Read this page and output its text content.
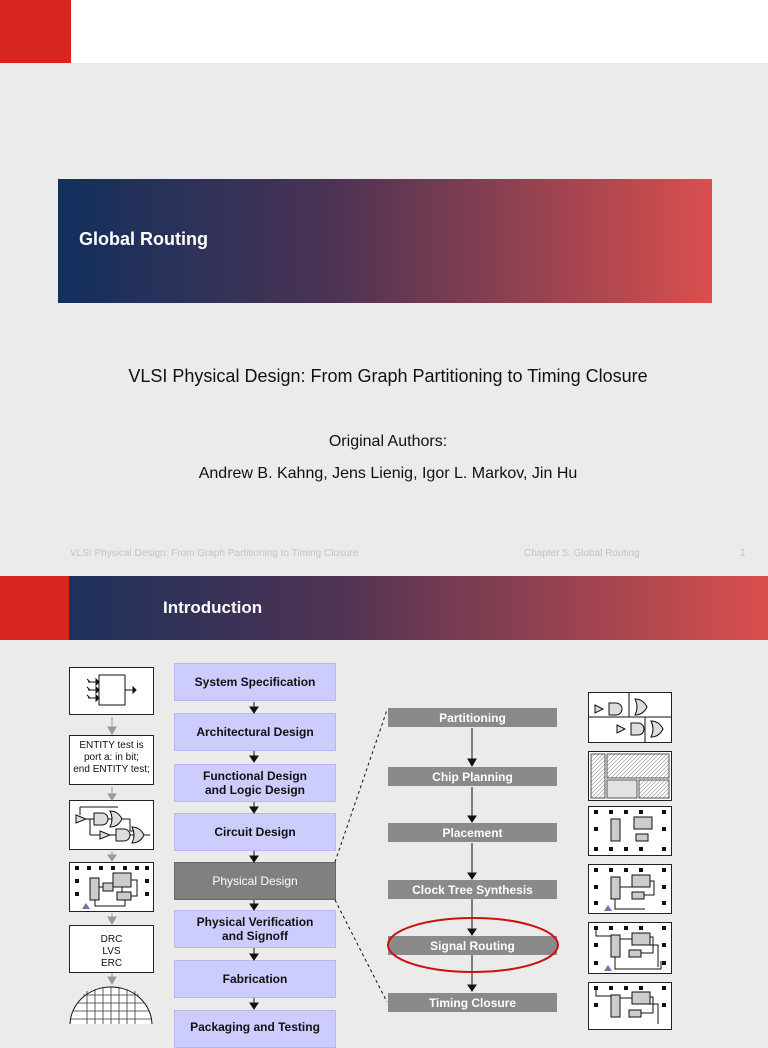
Global Routing
VLSI Physical Design: From Graph Partitioning to Timing Closure
Original Authors:
Andrew B. Kahng, Jens Lienig, Igor L. Markov, Jin Hu
VLSI Physical Design: From Graph Partitioning to Timing Closure	Chapter 5: Global Routing	1
Introduction
ENTITY test is
port a: in bit;
end ENTITY test;
DRC
LVS
ERC
System Specification
Architectural Design
Functional Design
and Logic Design
Circuit Design
Physical Design
Physical Verification
and Signoff
Fabrication
Packaging and Testing
Partitioning
Chip Planning
Placement
Clock Tree Synthesis
Signal Routing
Timing Closure
